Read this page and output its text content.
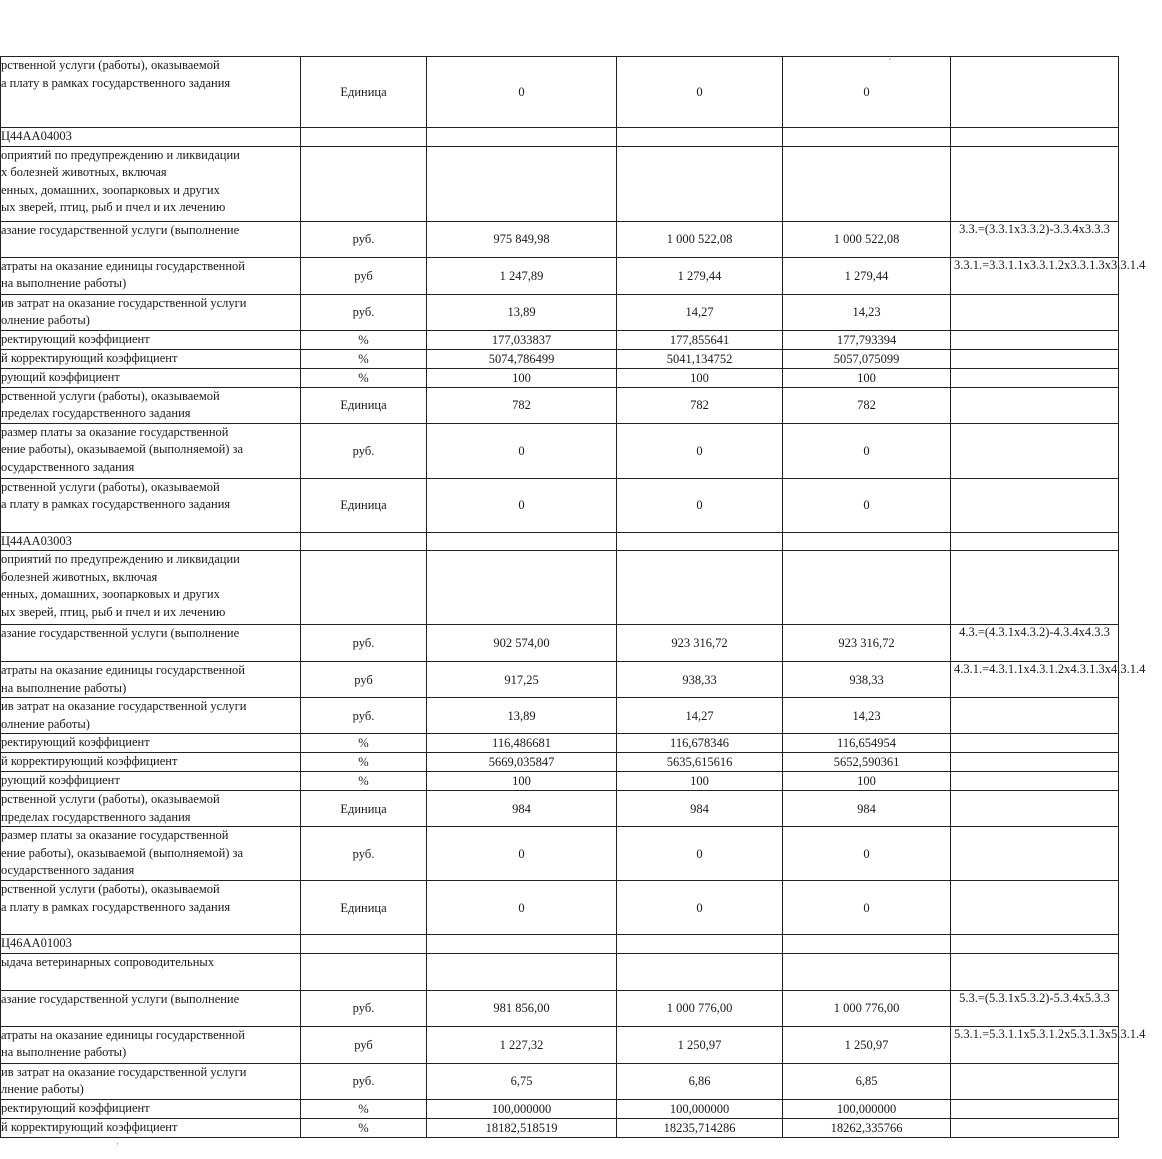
рственной услуги (работы), оказываемой
а плату в рамках государственного задания	Единица	0	0	0	
Ц44АА04003					
оприятий по предупреждению и ликвидации
х болезней животных, включая
енных, домашних, зоопарковых и других
ых зверей, птиц, рыб и пчел и их лечению					
азание государственной услуги (выполнение	руб.	975 849,98	1 000 522,08	1 000 522,08	3.3.=(3.3.1х3.3.2)-3.3.4х3.3.3
атраты на оказание единицы государственной
на выполнение работы)	руб	1 247,89	1 279,44	1 279,44	3.3.1.=3.3.1.1х3.3.1.2х3.3.1.3х3.3.1.4
ив затрат на оказание государственной услуги
олнение работы)	руб.	13,89	14,27	14,23	
ректирующий коэффициент	%	177,033837	177,855641	177,793394	
й корректирующий коэффициент	%	5074,786499	5041,134752	5057,075099	
рующий коэффициент	%	100	100	100	
рственной услуги (работы), оказываемой
пределах государственного задания	Единица	782	782	782	
размер платы за оказание государственной
ение работы), оказываемой (выполняемой) за
осударственного задания	руб.	0	0	0	
рственной услуги (работы), оказываемой
а плату в рамках государственного задания	Единица	0	0	0	
Ц44АА03003					
оприятий по предупреждению и ликвидации
болезней животных, включая
енных, домашних, зоопарковых и других
ых зверей, птиц, рыб и пчел и их лечению					
азание государственной услуги (выполнение	руб.	902 574,00	923 316,72	923 316,72	4.3.=(4.3.1х4.3.2)-4.3.4х4.3.3
атраты на оказание единицы государственной
на выполнение работы)	руб	917,25	938,33	938,33	4.3.1.=4.3.1.1х4.3.1.2х4.3.1.3х4.3.1.4
ив затрат на оказание государственной услуги
олнение работы)	руб.	13,89	14,27	14,23	
ректирующий коэффициент	%	116,486681	116,678346	116,654954	
й корректирующий коэффициент	%	5669,035847	5635,615616	5652,590361	
рующий коэффициент	%	100	100	100	
рственной услуги (работы), оказываемой
пределах государственного задания	Единица	984	984	984	
размер платы за оказание государственной
ение работы), оказываемой (выполняемой) за
осударственного задания	руб.	0	0	0	
рственной услуги (работы), оказываемой
а плату в рамках государственного задания	Единица	0	0	0	
Ц46АА01003					
ыдача ветеринарных сопроводительных					
азание государственной услуги (выполнение	руб.	981 856,00	1 000 776,00	1 000 776,00	5.3.=(5.3.1х5.3.2)-5.3.4х5.3.3
атраты на оказание единицы государственной
на выполнение работы)	руб	1 227,32	1 250,97	1 250,97	5.3.1.=5.3.1.1х5.3.1.2х5.3.1.3х5.3.1.4
ив затрат на оказание государственной услуги
лнение работы)	руб.	6,75	6,86	6,85	
ректирующий коэффициент	%	100,000000	100,000000	100,000000	
й корректирующий коэффициент	%	18182,518519	18235,714286	18262,335766	
ˊ
ˌ
